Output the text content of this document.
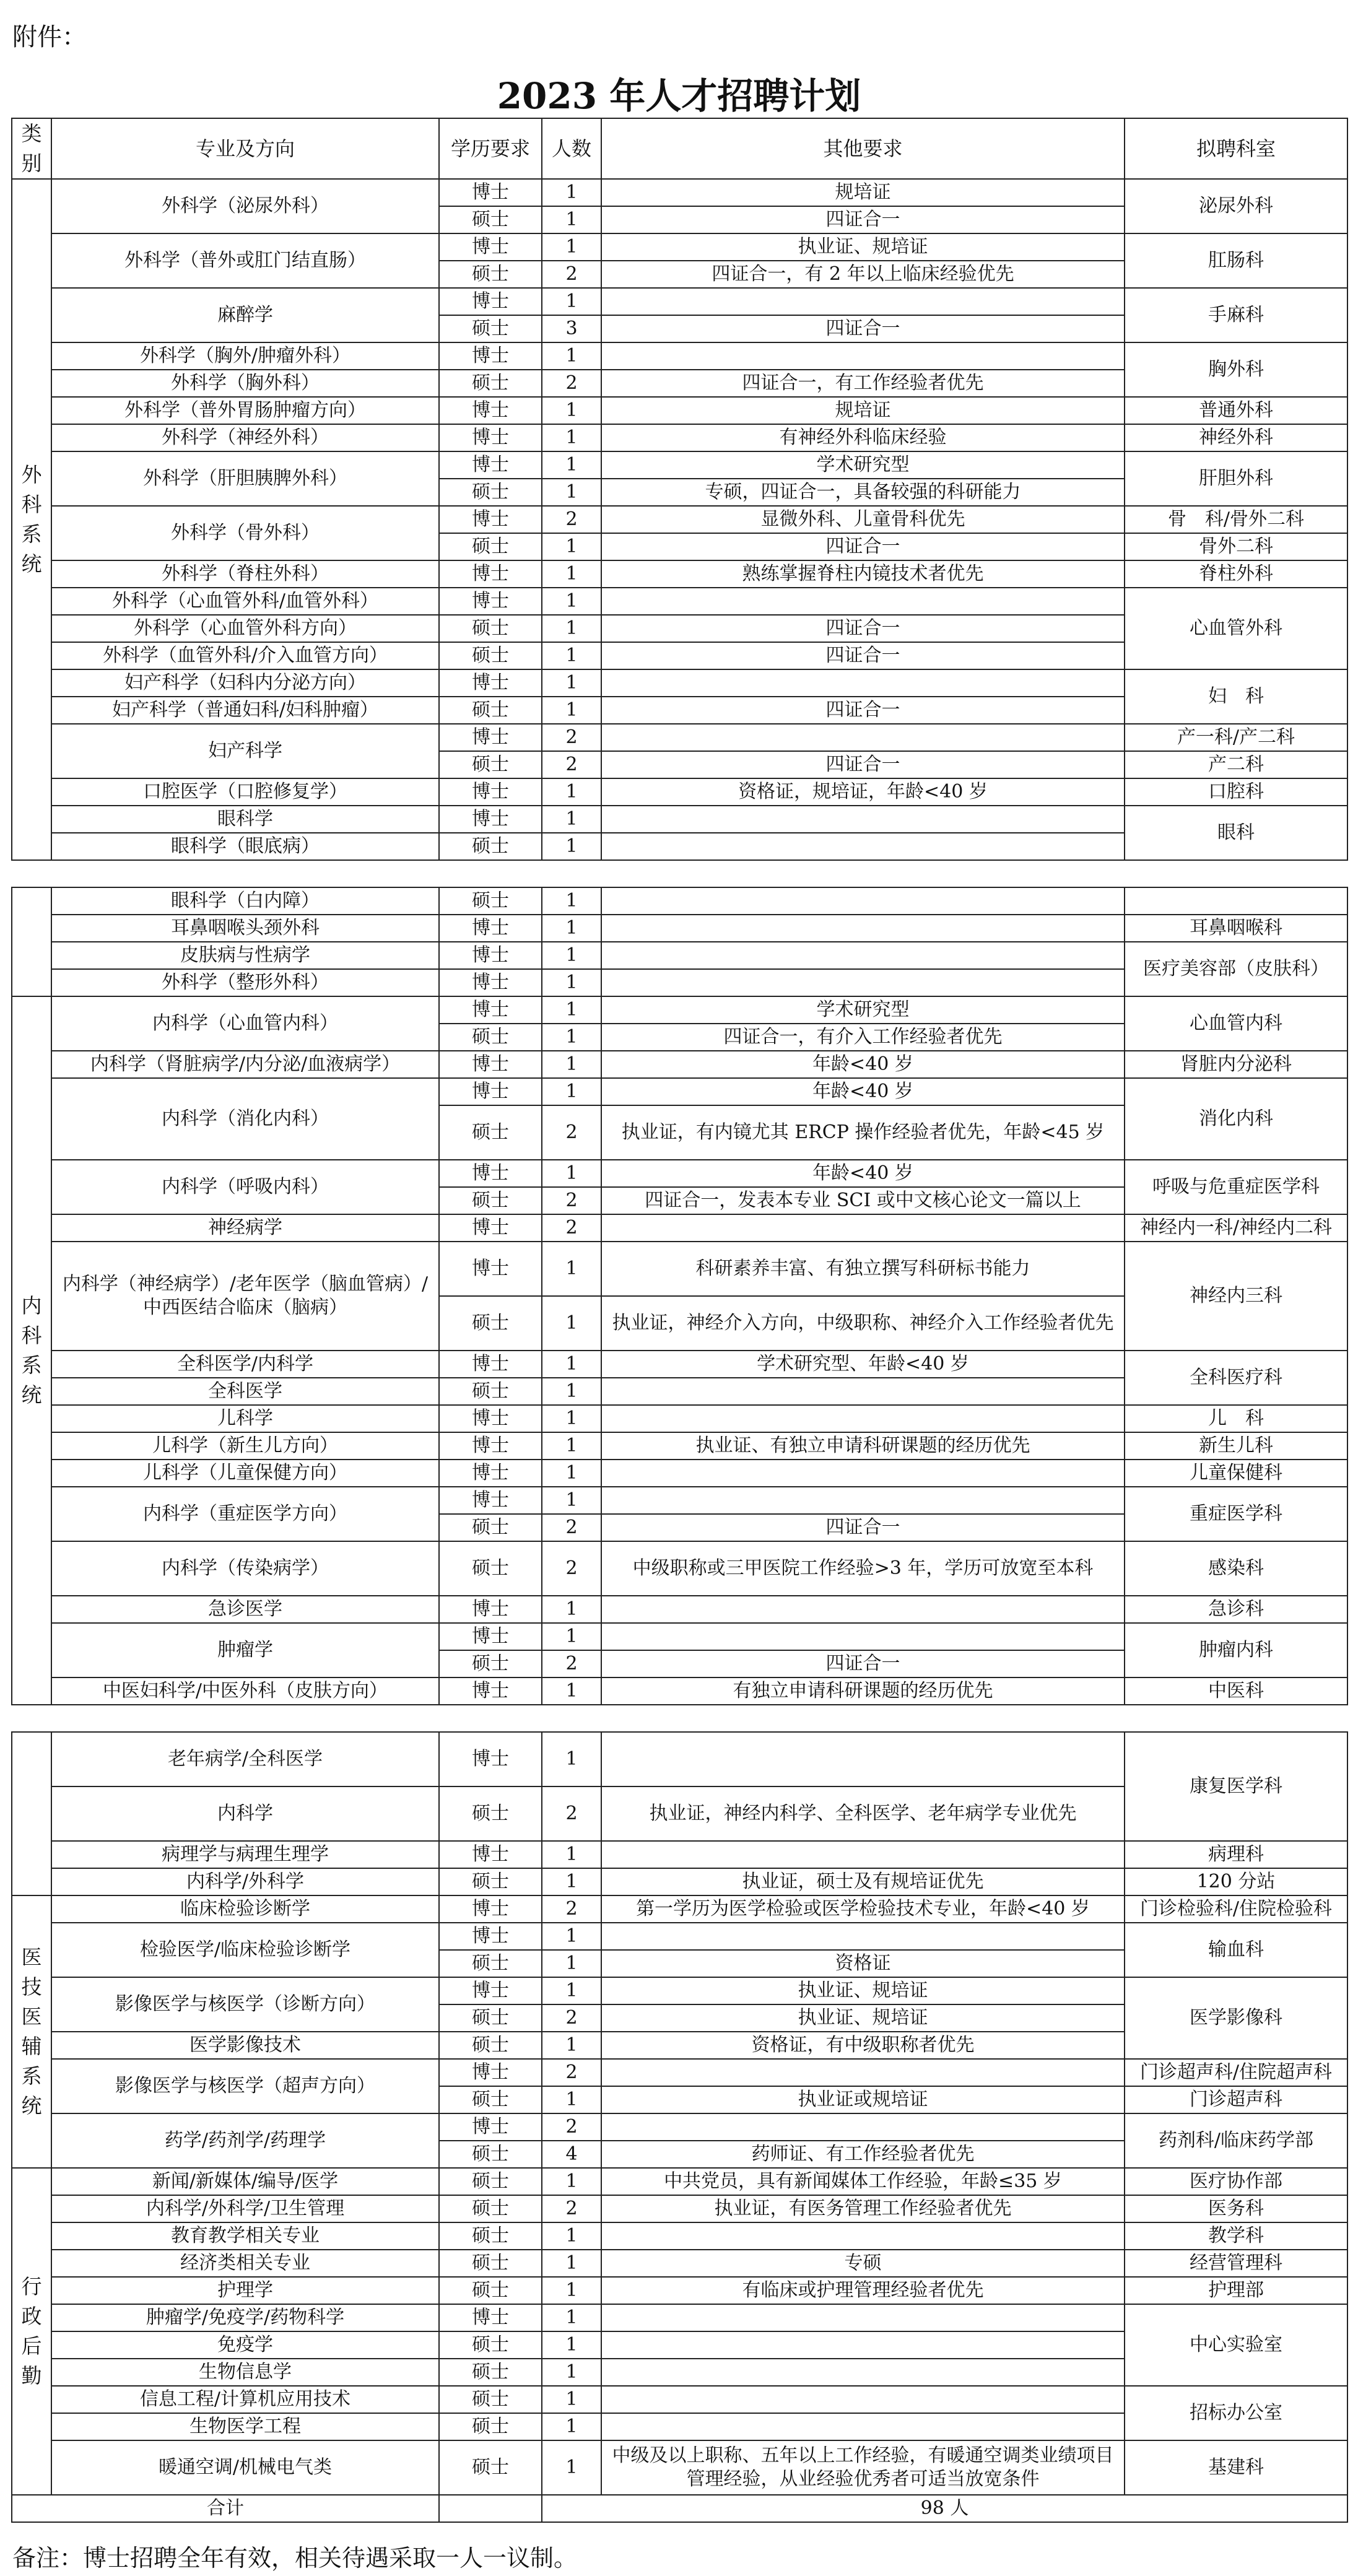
附件：
2023 年人才招聘计划
类别	专业及方向	学历要求	人数	其他要求	拟聘科室
外科系统	外科学（泌尿外科）	博士	1	规培证	泌尿外科
		硕士	1	四证合一	
	外科学（普外或肛门结直肠）	博士	1	执业证、规培证	肛肠科
		硕士	2	四证合一，有 2 年以上临床经验优先	
	麻醉学	博士	1		手麻科
		硕士	3	四证合一	
	外科学（胸外/肿瘤外科）	博士	1		胸外科
	外科学（胸外科）	硕士	2	四证合一，有工作经验者优先	
	外科学（普外胃肠肿瘤方向）	博士	1	规培证	普通外科
	外科学（神经外科）	博士	1	有神经外科临床经验	神经外科
	外科学（肝胆胰脾外科）	博士	1	学术研究型	肝胆外科
		硕士	1	专硕，四证合一，具备较强的科研能力	
	外科学（骨外科）	博士	2	显微外科、儿童骨科优先	骨　科/骨外二科
		硕士	1	四证合一	骨外二科
	外科学（脊柱外科）	博士	1	熟练掌握脊柱内镜技术者优先	脊柱外科
	外科学（心血管外科/血管外科）	博士	1		心血管外科
	外科学（心血管外科方向）	硕士	1	四证合一	
	外科学（血管外科/介入血管方向）	硕士	1	四证合一	
	妇产科学（妇科内分泌方向）	博士	1		妇　科
	妇产科学（普通妇科/妇科肿瘤）	硕士	1	四证合一	
	妇产科学	博士	2		产一科/产二科
		硕士	2	四证合一	产二科
	口腔医学（口腔修复学）	博士	1	资格证，规培证，年龄<40 岁	口腔科
	眼科学	博士	1		眼科
	眼科学（眼底病）	硕士	1		

	眼科学（白内障）	硕士	1		
	耳鼻咽喉头颈外科	博士	1		耳鼻咽喉科
	皮肤病与性病学	博士	1		医疗美容部（皮肤科）
	外科学（整形外科）	博士	1		
内科系统	内科学（心血管内科）	博士	1	学术研究型	心血管内科
		硕士	1	四证合一，有介入工作经验者优先	
	内科学（肾脏病学/内分泌/血液病学）	博士	1	年龄<40 岁	肾脏内分泌科
	内科学（消化内科）	博士	1	年龄<40 岁	消化内科
		硕士	2	执业证，有内镜尤其 ERCP 操作经验者优先，年龄<45 岁	
	内科学（呼吸内科）	博士	1	年龄<40 岁	呼吸与危重症医学科
		硕士	2	四证合一，发表本专业 SCI 或中文核心论文一篇以上	
	神经病学	博士	2		神经内一科/神经内二科
	内科学（神经病学）/老年医学（脑血管病）/中西医结合临床（脑病）	博士	1	科研素养丰富、有独立撰写科研标书能力	神经内三科
		硕士	1	执业证，神经介入方向，中级职称、神经介入工作经验者优先	
	全科医学/内科学	博士	1	学术研究型、年龄<40 岁	全科医疗科
	全科医学	硕士	1		
	儿科学	博士	1		儿　科
	儿科学（新生儿方向）	博士	1	执业证、有独立申请科研课题的经历优先	新生儿科
	儿科学（儿童保健方向）	博士	1		儿童保健科
	内科学（重症医学方向）	博士	1		重症医学科
		硕士	2	四证合一	
	内科学（传染病学）	硕士	2	中级职称或三甲医院工作经验>3 年，学历可放宽至本科	感染科
	急诊医学	博士	1		急诊科
	肿瘤学	博士	1		肿瘤内科
		硕士	2	四证合一	
	中医妇科学/中医外科（皮肤方向）	博士	1	有独立申请科研课题的经历优先	中医科

	老年病学/全科医学	博士	1		康复医学科
	内科学	硕士	2	执业证，神经内科学、全科医学、老年病学专业优先	
	病理学与病理生理学	博士	1		病理科
	内科学/外科学	硕士	1	执业证，硕士及有规培证优先	120 分站
医技医辅系统	临床检验诊断学	博士	2	第一学历为医学检验或医学检验技术专业，年龄<40 岁	门诊检验科/住院检验科
	检验医学/临床检验诊断学	博士	1		输血科
		硕士	1	资格证	
	影像医学与核医学（诊断方向）	博士	1	执业证、规培证	医学影像科
		硕士	2	执业证、规培证	
	医学影像技术	硕士	1	资格证，有中级职称者优先	
	影像医学与核医学（超声方向）	博士	2		门诊超声科/住院超声科
		硕士	1	执业证或规培证	门诊超声科
	药学/药剂学/药理学	博士	2		药剂科/临床药学部
		硕士	4	药师证、有工作经验者优先	
行政后勤	新闻/新媒体/编导/医学	硕士	1	中共党员，具有新闻媒体工作经验，年龄≤35 岁	医疗协作部
	内科学/外科学/卫生管理	硕士	2	执业证，有医务管理工作经验者优先	医务科
	教育教学相关专业	硕士	1		教学科
	经济类相关专业	硕士	1	专硕	经营管理科
	护理学	硕士	1	有临床或护理管理经验者优先	护理部
	肿瘤学/免疫学/药物科学	博士	1		中心实验室
	免疫学	硕士	1		
	生物信息学	硕士	1		
	信息工程/计算机应用技术	硕士	1		招标办公室
	生物医学工程	硕士	1		
	暖通空调/机械电气类	硕士	1	中级及以上职称、五年以上工作经验，有暖通空调类业绩项目管理经验，从业经验优秀者可适当放宽条件	基建科
合计			98 人		
备注：博士招聘全年有效，相关待遇采取一人一议制。
